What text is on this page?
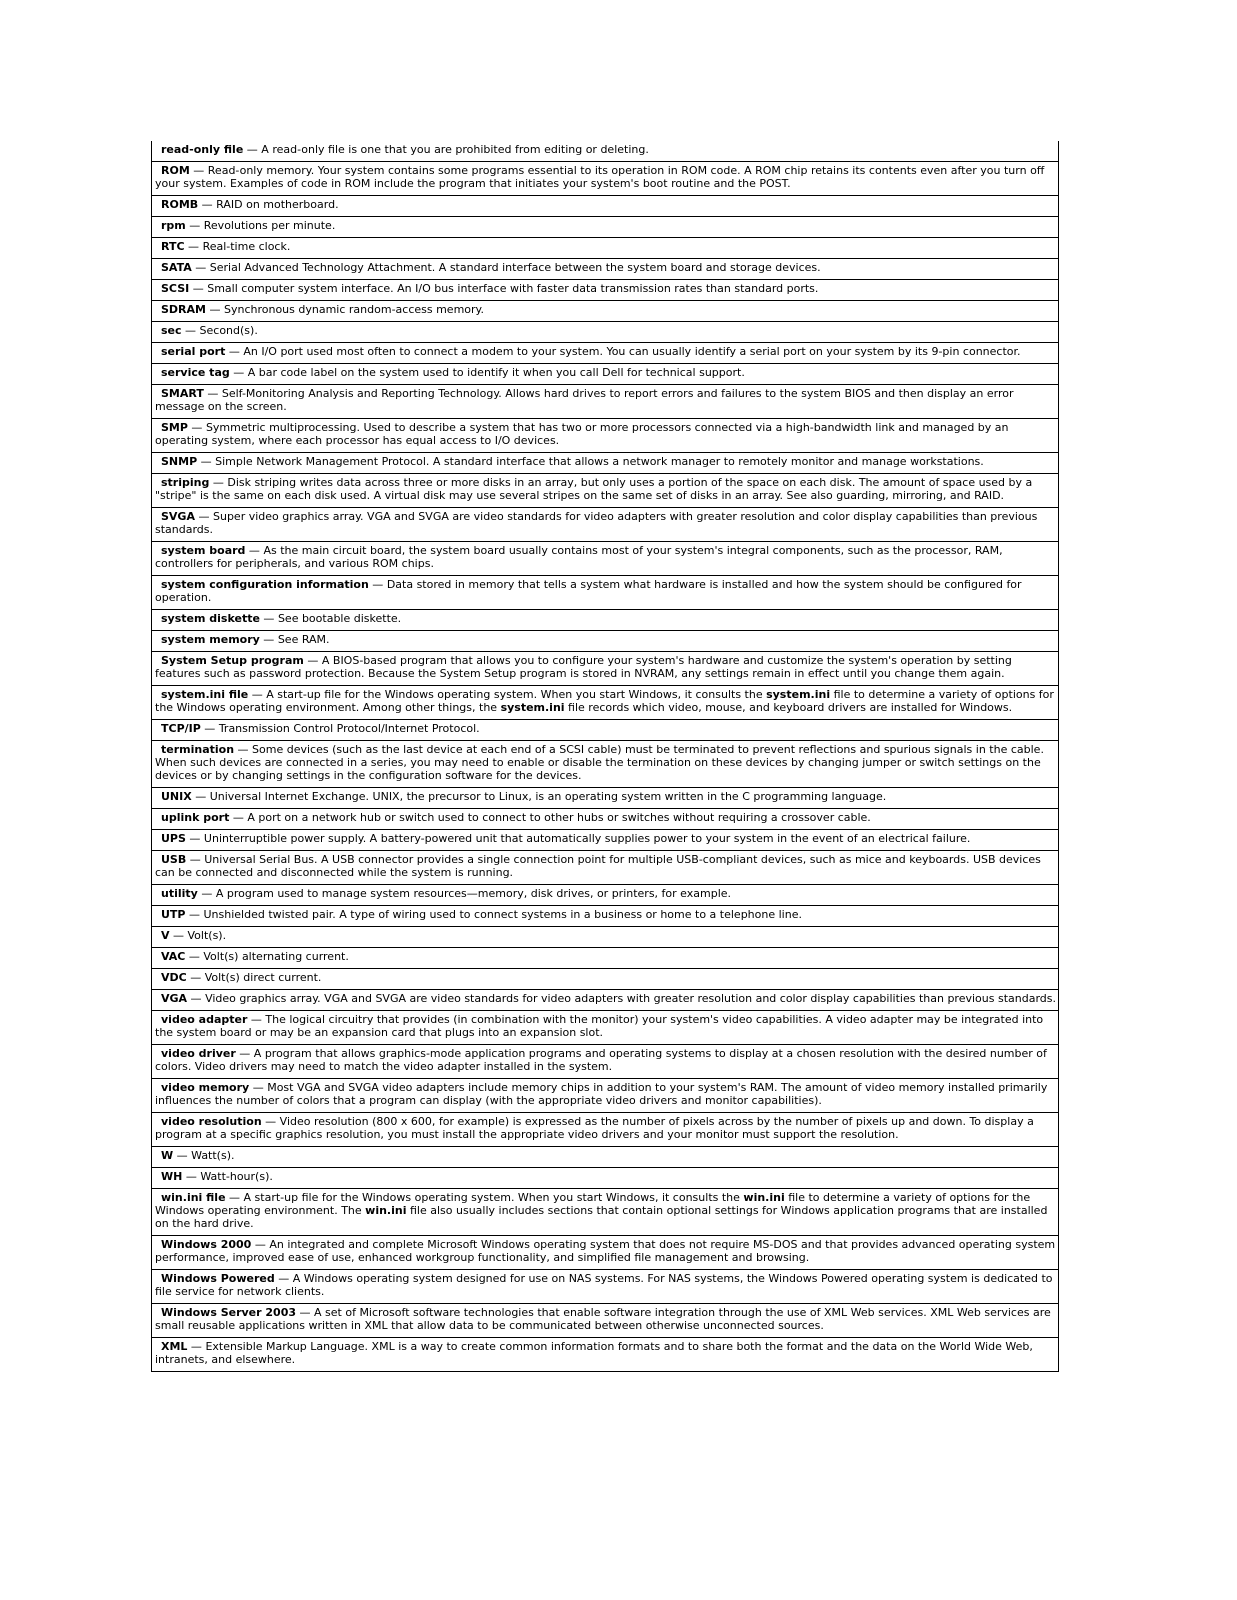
read-only file — A read-only file is one that you are prohibited from editing or deleting.
ROM — Read-only memory. Your system contains some programs essential to its operation in ROM code. A ROM chip retains its contents even after you turn off your system. Examples of code in ROM include the program that initiates your system's boot routine and the POST.
ROMB — RAID on motherboard.
rpm — Revolutions per minute.
RTC — Real-time clock.
SATA — Serial Advanced Technology Attachment. A standard interface between the system board and storage devices.
SCSI — Small computer system interface. An I/O bus interface with faster data transmission rates than standard ports.
SDRAM — Synchronous dynamic random-access memory.
sec — Second(s).
serial port — An I/O port used most often to connect a modem to your system. You can usually identify a serial port on your system by its 9-pin connector.
service tag — A bar code label on the system used to identify it when you call Dell for technical support.
SMART — Self-Monitoring Analysis and Reporting Technology. Allows hard drives to report errors and failures to the system BIOS and then display an error message on the screen.
SMP — Symmetric multiprocessing. Used to describe a system that has two or more processors connected via a high-bandwidth link and managed by an operating system, where each processor has equal access to I/O devices.
SNMP — Simple Network Management Protocol. A standard interface that allows a network manager to remotely monitor and manage workstations.
striping — Disk striping writes data across three or more disks in an array, but only uses a portion of the space on each disk. The amount of space used by a "stripe" is the same on each disk used. A virtual disk may use several stripes on the same set of disks in an array. See also guarding, mirroring, and RAID.
SVGA — Super video graphics array. VGA and SVGA are video standards for video adapters with greater resolution and color display capabilities than previous standards.
system board — As the main circuit board, the system board usually contains most of your system's integral components, such as the processor, RAM, controllers for peripherals, and various ROM chips.
system configuration information — Data stored in memory that tells a system what hardware is installed and how the system should be configured for operation.
system diskette — See bootable diskette.
system memory — See RAM.
System Setup program — A BIOS-based program that allows you to configure your system's hardware and customize the system's operation by setting features such as password protection. Because the System Setup program is stored in NVRAM, any settings remain in effect until you change them again.
system.ini file — A start-up file for the Windows operating system. When you start Windows, it consults the system.ini file to determine a variety of options for the Windows operating environment. Among other things, the system.ini file records which video, mouse, and keyboard drivers are installed for Windows.
TCP/IP — Transmission Control Protocol/Internet Protocol.
termination — Some devices (such as the last device at each end of a SCSI cable) must be terminated to prevent reflections and spurious signals in the cable. When such devices are connected in a series, you may need to enable or disable the termination on these devices by changing jumper or switch settings on the devices or by changing settings in the configuration software for the devices.
UNIX — Universal Internet Exchange. UNIX, the precursor to Linux, is an operating system written in the C programming language.
uplink port — A port on a network hub or switch used to connect to other hubs or switches without requiring a crossover cable.
UPS — Uninterruptible power supply. A battery-powered unit that automatically supplies power to your system in the event of an electrical failure.
USB — Universal Serial Bus. A USB connector provides a single connection point for multiple USB-compliant devices, such as mice and keyboards. USB devices can be connected and disconnected while the system is running.
utility — A program used to manage system resources—memory, disk drives, or printers, for example.
UTP — Unshielded twisted pair. A type of wiring used to connect systems in a business or home to a telephone line.
V — Volt(s).
VAC — Volt(s) alternating current.
VDC — Volt(s) direct current.
VGA — Video graphics array. VGA and SVGA are video standards for video adapters with greater resolution and color display capabilities than previous standards.
video adapter — The logical circuitry that provides (in combination with the monitor) your system's video capabilities. A video adapter may be integrated into the system board or may be an expansion card that plugs into an expansion slot.
video driver — A program that allows graphics-mode application programs and operating systems to display at a chosen resolution with the desired number of colors. Video drivers may need to match the video adapter installed in the system.
video memory — Most VGA and SVGA video adapters include memory chips in addition to your system's RAM. The amount of video memory installed primarily influences the number of colors that a program can display (with the appropriate video drivers and monitor capabilities).
video resolution — Video resolution (800 x 600, for example) is expressed as the number of pixels across by the number of pixels up and down. To display a program at a specific graphics resolution, you must install the appropriate video drivers and your monitor must support the resolution.
W — Watt(s).
WH — Watt-hour(s).
win.ini file — A start-up file for the Windows operating system. When you start Windows, it consults the win.ini file to determine a variety of options for the Windows operating environment. The win.ini file also usually includes sections that contain optional settings for Windows application programs that are installed on the hard drive.
Windows 2000 — An integrated and complete Microsoft Windows operating system that does not require MS-DOS and that provides advanced operating system performance, improved ease of use, enhanced workgroup functionality, and simplified file management and browsing.
Windows Powered — A Windows operating system designed for use on NAS systems. For NAS systems, the Windows Powered operating system is dedicated to file service for network clients.
Windows Server 2003 — A set of Microsoft software technologies that enable software integration through the use of XML Web services. XML Web services are small reusable applications written in XML that allow data to be communicated between otherwise unconnected sources.
XML — Extensible Markup Language. XML is a way to create common information formats and to share both the format and the data on the World Wide Web, intranets, and elsewhere.
